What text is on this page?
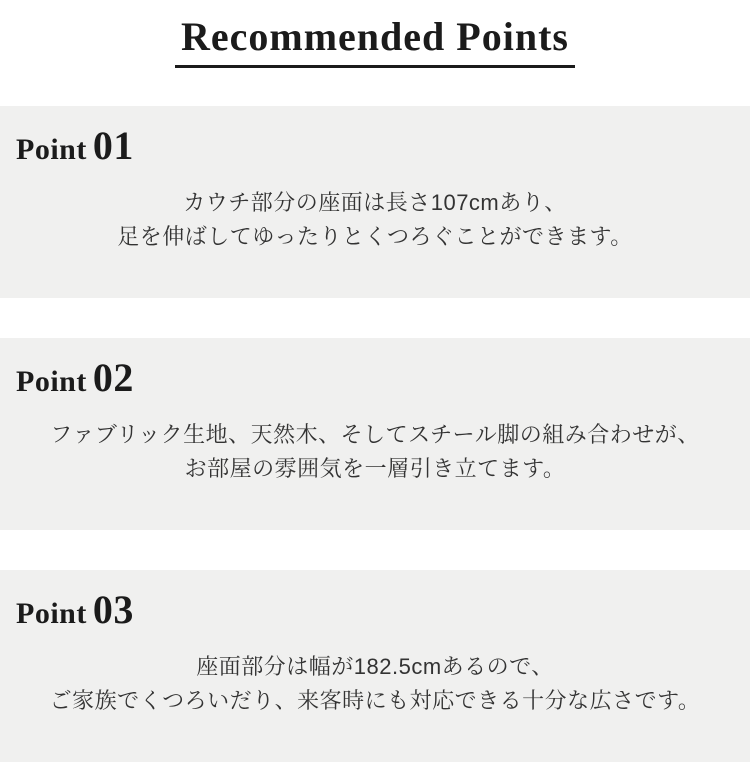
Recommended Points
Point 01

カウチ部分の座面は長さ107cmあり、

足を伸ばしてゆったりとくつろぐことができます。

Point 02

ファブリック生地、天然木、そしてスチール脚の組み合わせが、

お部屋の雰囲気を一層引き立てます。

Point 03

座面部分は幅が182.5cmあるので、

ご家族でくつろいだり、来客時にも対応できる十分な広さです。
